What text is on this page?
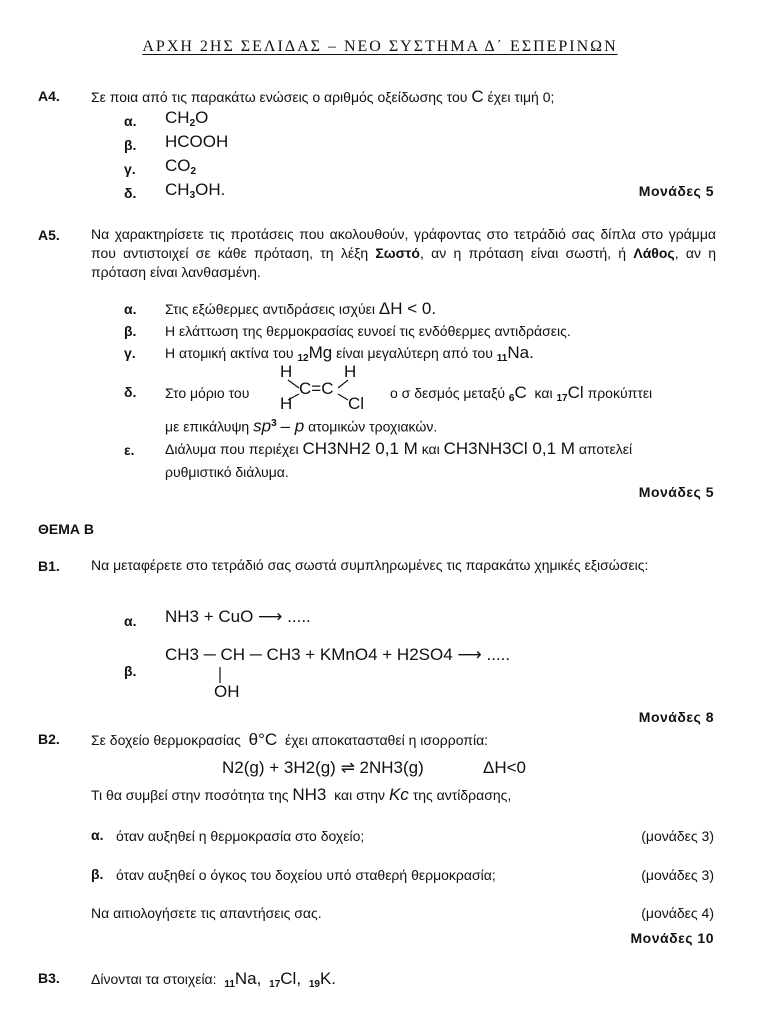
ΑΡΧΗ 2ΗΣ ΣΕΛΙΔΑΣ – ΝΕΟ ΣΥΣΤΗΜΑ Δ΄ ΕΣΠΕΡΙΝΩΝ
Α4. Σε ποια από τις παρακάτω ενώσεις ο αριθμός οξείδωσης του C έχει τιμή 0;
α. $CH_2O$
β. HCOOH
γ. $CO_2$
δ. $CH_3OH$.	Μονάδες 5
Α5. Να χαρακτηρίσετε τις προτάσεις που ακολουθούν, γράφοντας στο τετράδιό σας δίπλα στο γράμμα που αντιστοιχεί σε κάθε πρόταση, τη λέξη Σωστό, αν η πρόταση είναι σωστή, ή Λάθος, αν η πρόταση είναι λανθασμένη.
α. Στις εξώθερμες αντιδράσεις ισχύει ΔH < 0.
β. Η ελάττωση της θερμοκρασίας ευνοεί τις ενδόθερμες αντιδράσεις.
γ. Η ατομική ακτίνα του $_{12}$Mg είναι μεγαλύτερη από του $_{11}$Na.
δ. Στο μόριο του
H
H
C=C
H
Cl
ο σ δεσμός μεταξύ $_6$C και $_{17}$Cl προκύπτει
με επικάλυψη $sp^3$ – p ατομικών τροχιακών.
ε. Διάλυμα που περιέχει CH3NH2 0,1 M και CH3NH3Cl 0,1 M αποτελεί
ρυθμιστικό διάλυμα.
Μονάδες 5
ΘΕΜΑ Β
Β1. Να μεταφέρετε στο τετράδιό σας σωστά συμπληρωμένες τις παρακάτω χημικές εξισώσεις:
α. NH3 + CuO ⟶ .....
β.
CH3 ─ CH ─ CH3 + KMnO4 + H2SO4 ⟶ .....
OH
Μονάδες 8
Β2. Σε δοχείο θερμοκρασίας θ°C έχει αποκατασταθεί η ισορροπία:
N2(g) + 3H2(g) ⇌ 2NH3(g)	ΔH<0
Τι θα συμβεί στην ποσότητα της NH3 και στην Kc της αντίδρασης,
α. όταν αυξηθεί η θερμοκρασία στο δοχείο;	(μονάδες 3)
β. όταν αυξηθεί ο όγκος του δοχείου υπό σταθερή θερμοκρασία;	(μονάδες 3)
Να αιτιολογήσετε τις απαντήσεις σας.	(μονάδες 4)
Μονάδες 10
Β3. Δίνονται τα στοιχεία: $_{11}$Na, $_{17}$Cl, $_{19}$K.
